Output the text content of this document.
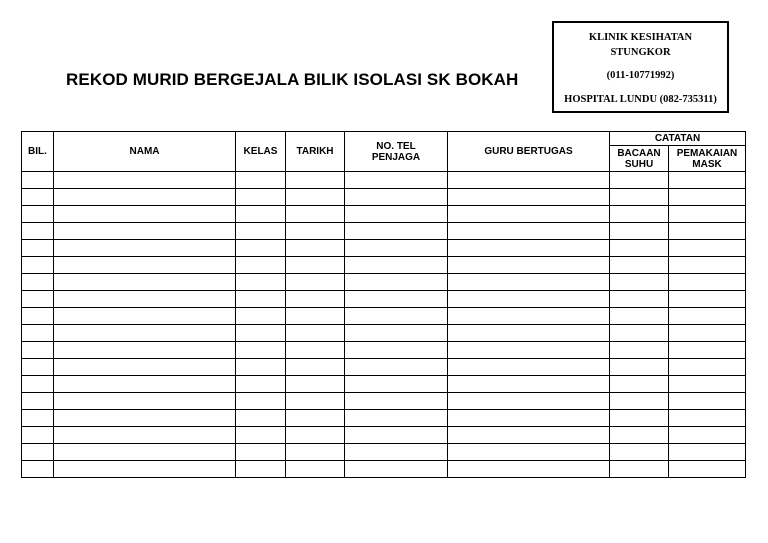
REKOD MURID BERGEJALA BILIK ISOLASI SK BOKAH
KLINIK KESIHATAN
STUNGKOR
(011-10771992)
HOSPITAL LUNDU (082-735311)
BIL.	NAMA	KELAS	TARIKH	NO. TEL PENJAGA	GURU BERTUGAS	CATATAN	
						BACAAN SUHU	PEMAKAIAN MASK
